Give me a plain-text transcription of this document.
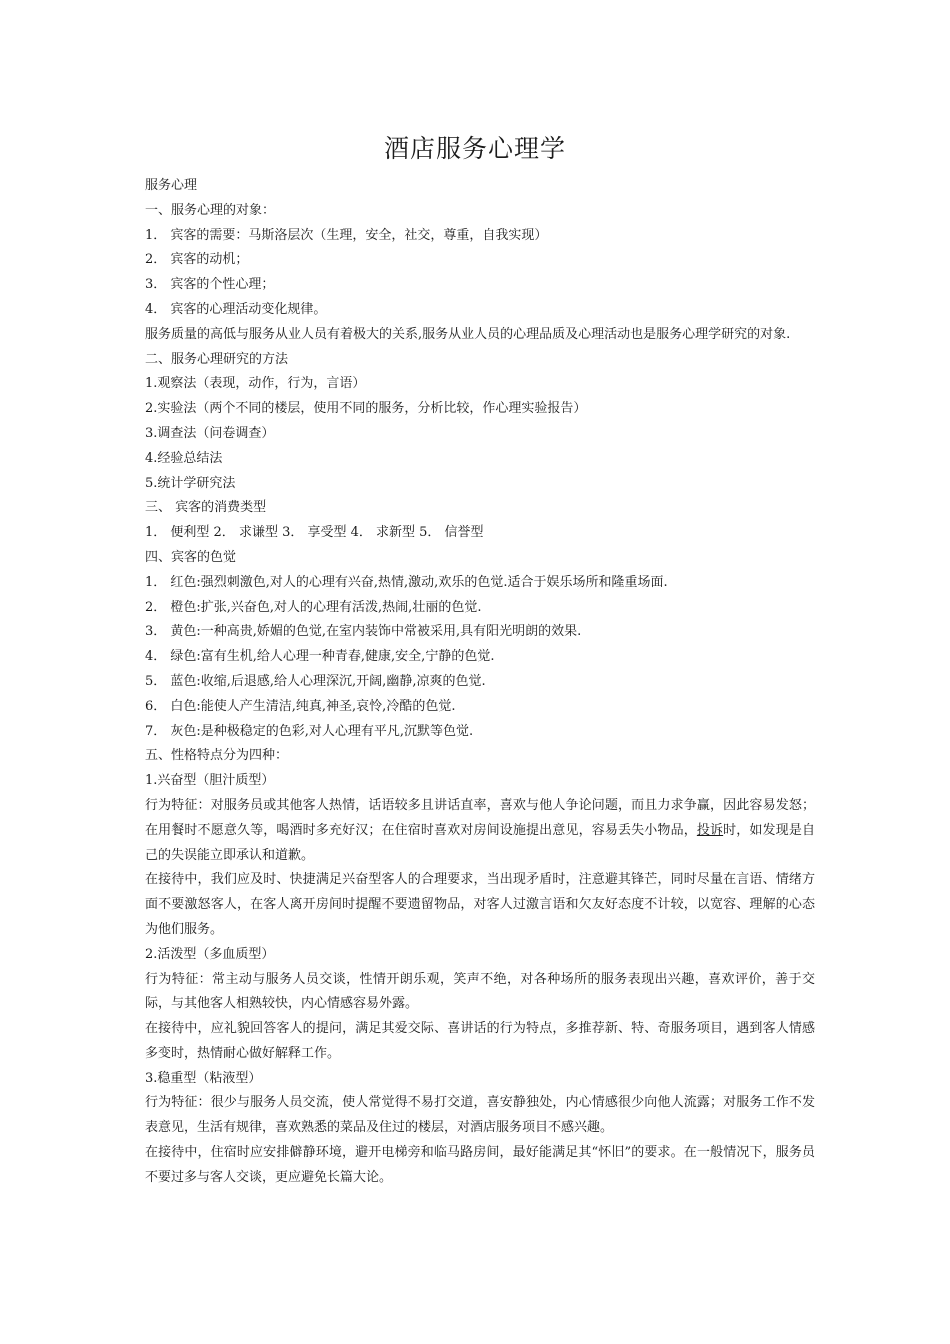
酒店服务心理学

服务心理

一、服务心理的对象：

1． 宾客的需要：马斯洛层次（生理，安全，社交，尊重，自我实现）

2． 宾客的动机；

3． 宾客的个性心理；

4． 宾客的心理活动变化规律。

服务质量的高低与服务从业人员有着极大的关系,服务从业人员的心理品质及心理活动也是服务心理学研究的对象.

二、服务心理研究的方法

1.观察法（表现，动作，行为，言语）

2.实验法（两个不同的楼层，使用不同的服务，分析比较，作心理实验报告）

3.调查法（问卷调查）

4.经验总结法

5.统计学研究法

三、 宾客的消费类型

1． 便利型 2． 求谦型 3． 享受型 4． 求新型 5． 信誉型

四、宾客的色觉

1． 红色:强烈刺激色,对人的心理有兴奋,热情,激动,欢乐的色觉.适合于娱乐场所和隆重场面.

2． 橙色:扩张,兴奋色,对人的心理有活泼,热闹,壮丽的色觉.

3． 黄色:一种高贵,娇媚的色觉,在室内装饰中常被采用,具有阳光明朗的效果.

4． 绿色:富有生机,给人心理一种青春,健康,安全,宁静的色觉.

5． 蓝色:收缩,后退感,给人心理深沉,开阔,幽静,凉爽的色觉.

6． 白色:能使人产生清洁,纯真,神圣,哀怜,冷酷的色觉.

7． 灰色:是种极稳定的色彩,对人心理有平凡,沉默等色觉.

五、性格特点分为四种：

1.兴奋型（胆汁质型）

行为特征：对服务员或其他客人热情，话语较多且讲话直率，喜欢与他人争论问题，而且力求争赢，因此容易发怒；在用餐时不愿意久等，喝酒时多充好汉；在住宿时喜欢对房间设施提出意见，容易丢失小物品，投诉时，如发现是自己的失误能立即承认和道歉。

在接待中，我们应及时、快捷满足兴奋型客人的合理要求，当出现矛盾时，注意避其锋芒，同时尽量在言语、情绪方面不要激怒客人，在客人离开房间时提醒不要遗留物品，对客人过激言语和欠友好态度不计较，以宽容、理解的心态为他们服务。

2.活泼型（多血质型）

行为特征：常主动与服务人员交谈，性情开朗乐观，笑声不绝，对各种场所的服务表现出兴趣，喜欢评价，善于交际，与其他客人相熟较快，内心情感容易外露。

在接待中，应礼貌回答客人的提问，满足其爱交际、喜讲话的行为特点，多推荐新、特、奇服务项目，遇到客人情感多变时，热情耐心做好解释工作。

3.稳重型（粘液型）

行为特征：很少与服务人员交流，使人常觉得不易打交道，喜安静独处，内心情感很少向他人流露；对服务工作不发表意见，生活有规律，喜欢熟悉的菜品及住过的楼层，对酒店服务项目不感兴趣。

在接待中，住宿时应安排僻静环境，避开电梯旁和临马路房间，最好能满足其“怀旧”的要求。在一般情况下，服务员不要过多与客人交谈，更应避免长篇大论。
